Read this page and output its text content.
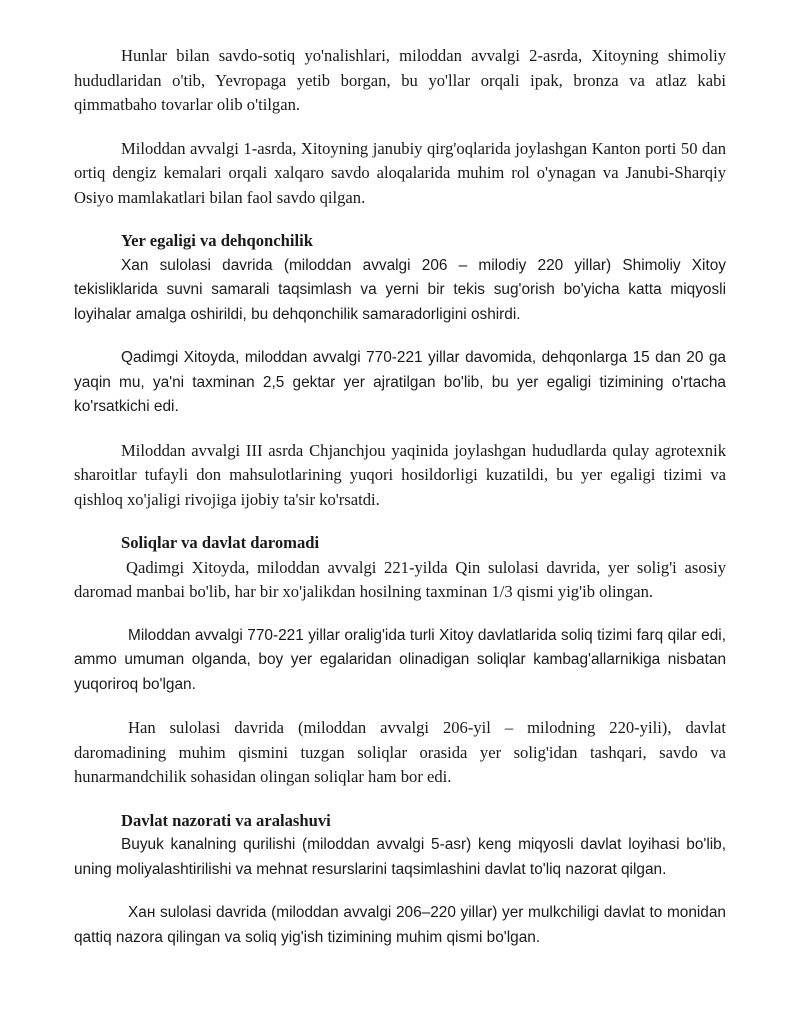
Hunlar bilan savdo-sotiq yo'nalishlari, miloddan avvalgi 2-asrda, Xitoyning shimoliy hududlaridan o'tib, Yevropaga yetib borgan, bu yo'llar orqali ipak, bronza va atlaz kabi qimmatbaho tovarlar olib o'tilgan.

Miloddan avvalgi 1-asrda, Xitoyning janubiy qirg'oqlarida joylashgan Kanton porti 50 dan ortiq dengiz kemalari orqali xalqaro savdo aloqalarida muhim rol o'ynagan va Janubi-Sharqiy Osiyo mamlakatlari bilan faol savdo qilgan.

Yer egaligi va dehqonchilik

Xan sulolasi davrida (miloddan avvalgi 206 – milodiy 220 yillar) Shimoliy Xitoy tekisliklarida suvni samarali taqsimlash va yerni bir tekis sug'orish bo'yicha katta miqyosli loyihalar amalga oshirildi, bu dehqonchilik samaradorligini oshirdi.

Qadimgi Xitoyda, miloddan avvalgi 770-221 yillar davomida, dehqonlarga 15 dan 20 ga yaqin mu, ya'ni taxminan 2,5 gektar yer ajratilgan bo'lib, bu yer egaligi tizimining o'rtacha ko'rsatkichi edi.

Miloddan avvalgi III asrda Chjanchjou yaqinida joylashgan hududlarda qulay agrotexnik sharoitlar tufayli don mahsulotlarining yuqori hosildorligi kuzatildi, bu yer egaligi tizimi va qishloq xo'jaligi rivojiga ijobiy ta'sir ko'rsatdi.

Soliqlar va davlat daromadi

Qadimgi Xitoyda, miloddan avvalgi 221-yilda Qin sulolasi davrida, yer solig'i asosiy daromad manbai bo'lib, har bir xo'jalikdan hosilning taxminan 1/3 qismi yig'ib olingan.

Miloddan avvalgi 770-221 yillar oralig'ida turli Xitoy davlatlarida soliq tizimi farq qilar edi, ammo umuman olganda, boy yer egalaridan olinadigan soliqlar kambag'allarnikiga nisbatan yuqoriroq bo'lgan.

Han sulolasi davrida (miloddan avvalgi 206-yil – milodning 220-yili), davlat daromadining muhim qismini tuzgan soliqlar orasida yer solig'idan tashqari, savdo va hunarmandchilik sohasidan olingan soliqlar ham bor edi.

Davlat nazorati va aralashuvi

Buyuk kanalning qurilishi (miloddan avvalgi 5-asr) keng miqyosli davlat loyihasi bo'lib, uning moliyalashtirilishi va mehnat resurslarini taqsimlashini davlat to'liq nazorat qilgan.

Xан sulolasi davrida (miloddan avvalgi 206–220 yillar) yer mulkchiligi davlat to monidan qattiq nazora qilingan va soliq yig'ish tizimining muhim qismi bo'lgan.
